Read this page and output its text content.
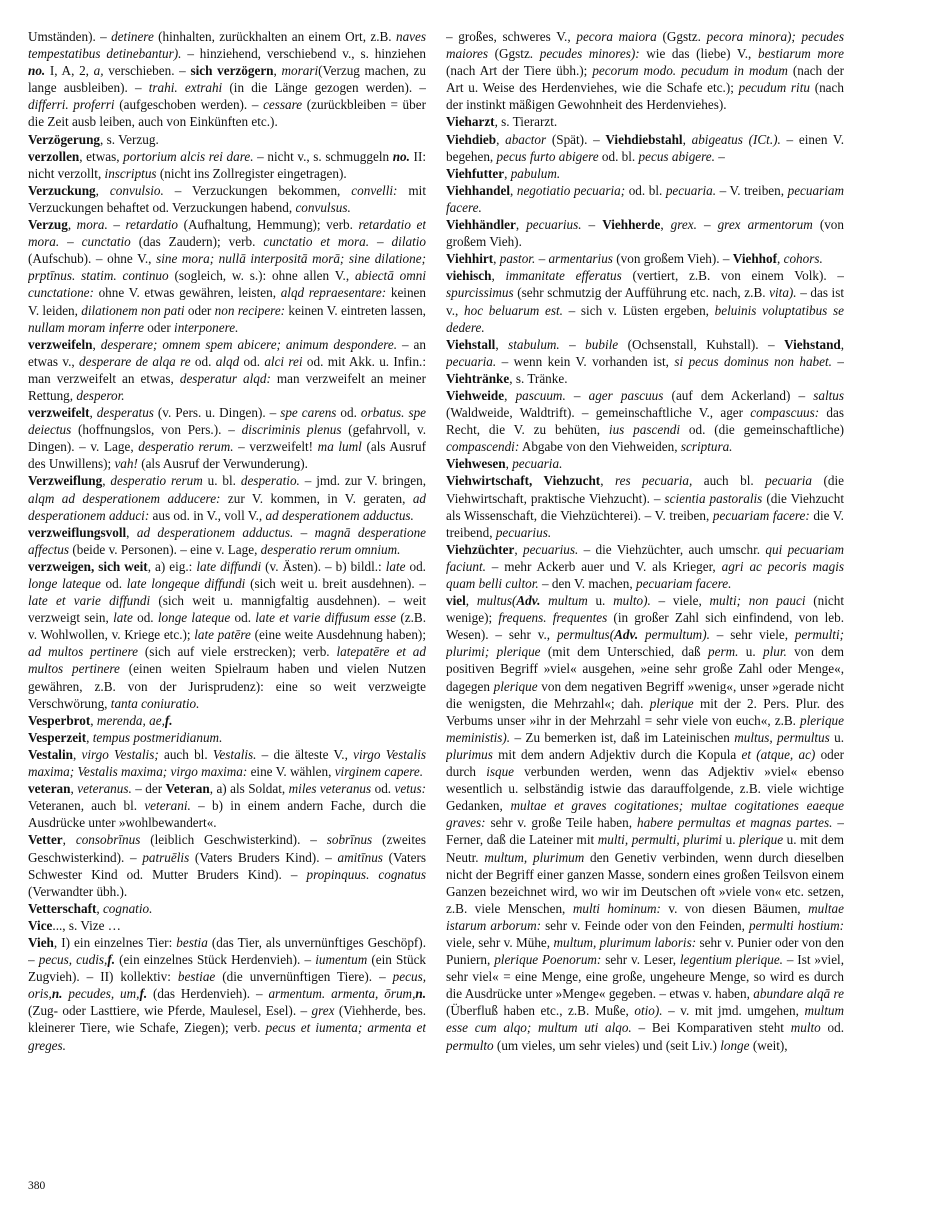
Umständen). – detinere (hinhalten, zurückhalten an einem Ort, z.B. naves tempestatibus detinebantur). – hinziehend, verschiebend v., s. hinziehen no. I, A, 2, a, verschieben. – sich verzögern, morari(Verzug machen, zu lange ausbleiben). – trahi. extrahi (in die Länge gezogen werden). – differri. proferri (aufgeschoben werden). – cessare (zurückbleiben = über die Zeit ausb leiben, auch von Einkünften etc.).

Verzögerung, s. Verzug.

verzollen, etwas, portorium alcis rei dare. – nicht v., s. schmuggeln no. II: nicht verzollt, inscriptus (nicht ins Zollregister eingetragen).

Verzuckung, convulsio. – Verzuckungen bekommen, convelli: mit Verzuckungen behaftet od. Verzuckungen habend, convulsus.

Verzug, mora. – retardatio (Aufhaltung, Hemmung); verb. retardatio et mora. – cunctatio (das Zaudern); verb. cunctatio et mora. – dilatio (Aufschub). – ohne V., sine mora; nullā interpositā morā; sine dilatione; prptīnus. statim. continuo (sogleich, w. s.): ohne allen V., abiectā omni cunctatione: ohne V. etwas gewähren, leisten, alqd repraesentare: keinen V. leiden, dilationem non pati oder non recipere: keinen V. eintreten lassen, nullam moram inferre oder interponere.

verzweifeln, desperare; omnem spem abicere; animum despondere. – an etwas v., desperare de alqa re od. alqd od. alci rei od. mit Akk. u. Infin.: man verzweifelt an etwas, desperatur alqd: man verzweifelt an meiner Rettung, desperor.

verzweifelt, desperatus (v. Pers. u. Dingen). – spe carens od. orbatus. spe deiectus (hoffnungslos, von Pers.). – discriminis plenus (gefahrvoll, v. Dingen). – v. Lage, desperatio rerum. – verzweifelt! ma luml (als Ausruf des Unwillens); vah! (als Ausruf der Verwunderung).

Verzweiflung, desperatio rerum u. bl. desperatio. – jmd. zur V. bringen, alqm ad desperationem adducere: zur V. kommen, in V. geraten, ad desperationem adduci: aus od. in V., voll V., ad desperationem adductus.

verzweiflungsvoll, ad desperationem adductus. – magnā desperatione affectus (beide v. Personen). – eine v. Lage, desperatio rerum omnium.

verzweigen, sich weit, a) eig.: late diffundi (v. Ästen). – b) bildl.: late od. longe lateque od. late longeque diffundi (sich weit u. breit ausdehnen). – late et varie diffundi (sich weit u. mannigfaltig ausdehnen). – weit verzweigt sein, late od. longe lateque od. late et varie diffusum esse (z.B. v. Wohlwollen, v. Kriege etc.); late patēre (eine weite Ausdehnung haben); ad multos pertinere (sich auf viele erstrecken); verb. latepatēre et ad multos pertinere (einen weiten Spielraum haben und vielen Nutzen gewähren, z.B. von der Jurisprudenz): eine so weit verzweigte Verschwörung, tanta coniuratio.

Vesperbrot, merenda, ae,f.

Vesperzeit, tempus postmeridianum.

Vestalin, virgo Vestalis; auch bl. Vestalis. – die älteste V., virgo Vestalis maxima; Vestalis maxima; virgo maxima: eine V. wählen, virginem capere.

veteran, veteranus. – der Veteran, a) als Soldat, miles veteranus od. vetus: Veteranen, auch bl. veterani. – b) in einem andern Fache, durch die Ausdrücke unter »wohlbewandert«.

Vetter, consobrīnus (leiblich Geschwisterkind). – sobrīnus (zweites Geschwisterkind). – patruēlis (Vaters Bruders Kind). – amitīnus (Vaters Schwester Kind od. Mutter Bruders Kind). – propinquus. cognatus (Verwandter übh.).

Vetterschaft, cognatio.

Vice..., s. Vize …

Vieh, I) ein einzelnes Tier: bestia (das Tier, als unvernünftiges Geschöpf). – pecus, cudis,f. (ein einzelnes Stück Herdenvieh). – iumentum (ein Stück Zugvieh). – II) kollektiv: bestiae (die unvernünftigen Tiere). – pecus, oris,n. pecudes, um,f. (das Herdenvieh). – armentum. armenta, ōrum,n. (Zug- oder Lasttiere, wie Pferde, Maulesel, Esel). – grex (Viehherde, bes. kleinerer Tiere, wie Schafe, Ziegen); verb. pecus et iumenta; armenta et greges.

– großes, schweres V., pecora maiora (Ggstz. pecora minora); pecudes maiores (Ggstz. pecudes minores): wie das (liebe) V., bestiarum more (nach Art der Tiere übh.); pecorum modo. pecudum in modum (nach der Art u. Weise des Herdenviehes, wie die Schafe etc.); pecudum ritu (nach der instinkt mäßigen Gewohnheit des Herdenviehes).

Vieharzt, s. Tierarzt.

Viehdieb, abactor (Spät). – Viehdiebstahl, abigeatus (ICt.). – einen V. begehen, pecus furto abigere od. bl. pecus abigere. –

Viehfutter, pabulum.

Viehhandel, negotiatio pecuaria; od. bl. pecuaria. – V. treiben, pecuariam facere.

Viehhändler, pecuarius. – Viehherde, grex. – grex armentorum (von großem Vieh).

Viehhirt, pastor. – armentarius (von großem Vieh). – Viehhof, cohors.

viehisch, immanitate efferatus (vertiert, z.B. von einem Volk). – spurcissimus (sehr schmutzig der Aufführung etc. nach, z.B. vita). – das ist v., hoc beluarum est. – sich v. Lüsten ergeben, beluinis voluptatibus se dedere.

Viehstall, stabulum. – bubile (Ochsenstall, Kuhstall). – Viehstand, pecuaria. – wenn kein V. vorhanden ist, si pecus dominus non habet. – Viehtränke, s. Tränke.

Viehweide, pascuum. – ager pascuus (auf dem Ackerland) – saltus (Waldweide, Waldtrift). – gemeinschaftliche V., ager compascuus: das Recht, die V. zu behüten, ius pascendi od. (die gemeinschaftliche) compascendi: Abgabe von den Viehweiden, scriptura.

Viehwesen, pecuaria.

Viehwirtschaft, Viehzucht, res pecuaria, auch bl. pecuaria (die Viehwirtschaft, praktische Viehzucht). – scientia pastoralis (die Viehzucht als Wissenschaft, die Viehzüchterei). – V. treiben, pecuariam facere: die V. treibend, pecuarius.

Viehzüchter, pecuarius. – die Viehzüchter, auch umschr. qui pecuariam faciunt. – mehr Ackerb auer und V. als Krieger, agri ac pecoris magis quam belli cultor. – den V. machen, pecuariam facere.

viel, multus(Adv. multum u. multo). – viele, multi; non pauci (nicht wenige); frequens. frequentes (in großer Zahl sich einfindend, von leb. Wesen). – sehr v., permultus(Adv. permultum). – sehr viele, permulti; plurimi; plerique (mit dem Unterschied, daß perm. u. plur. von dem positiven Begriff »viel« ausgehen, »eine sehr große Zahl oder Menge«, dagegen plerique von dem negativen Begriff »wenig«, unser »gerade nicht die wenigsten, die Mehrzahl«; dah. plerique mit der 2. Pers. Plur. des Verbums unser »ihr in der Mehrzahl = sehr viele von euch«, z.B. plerique meministis). – Zu bemerken ist, daß im Lateinischen multus, permultus u. plurimus mit dem andern Adjektiv durch die Kopula et (atque, ac) oder durch isque verbunden werden, wenn das Adjektiv »viel« ebenso wesentlich u. selbständig istwie das darauffolgende, z.B. viele wichtige Gedanken, multae et graves cogitationes; multae cogitationes eaeque graves: sehr v. große Teile haben, habere permultas et magnas partes. – Ferner, daß die Lateiner mit multi, permulti, plurimi u. plerique u. mit dem Neutr. multum, plurimum den Genetiv verbinden, wenn durch dieselben nicht der Begriff einer ganzen Masse, sondern eines großen Teilsvon einem Ganzen bezeichnet wird, wo wir im Deutschen oft »viele von« etc. setzen, z.B. viele Menschen, multi hominum: v. von diesen Bäumen, multae istarum arborum: sehr v. Feinde oder von den Feinden, permulti hostium: viele, sehr v. Mühe, multum, plurimum laboris: sehr v. Punier oder von den Puniern, plerique Poenorum: sehr v. Leser, legentium plerique. – Ist »viel, sehr viel« = eine Menge, eine große, ungeheure Menge, so wird es durch die Ausdrücke unter »Menge« gegeben. – etwas v. haben, abundare alqā re (Überfluß haben etc., z.B. Muße, otio). – v. mit jmd. umgehen, multum esse cum alqo; multum uti alqo. – Bei Komparativen steht multo od. permulto (um vieles, um sehr vieles) und (seit Liv.) longe (weit),

380
